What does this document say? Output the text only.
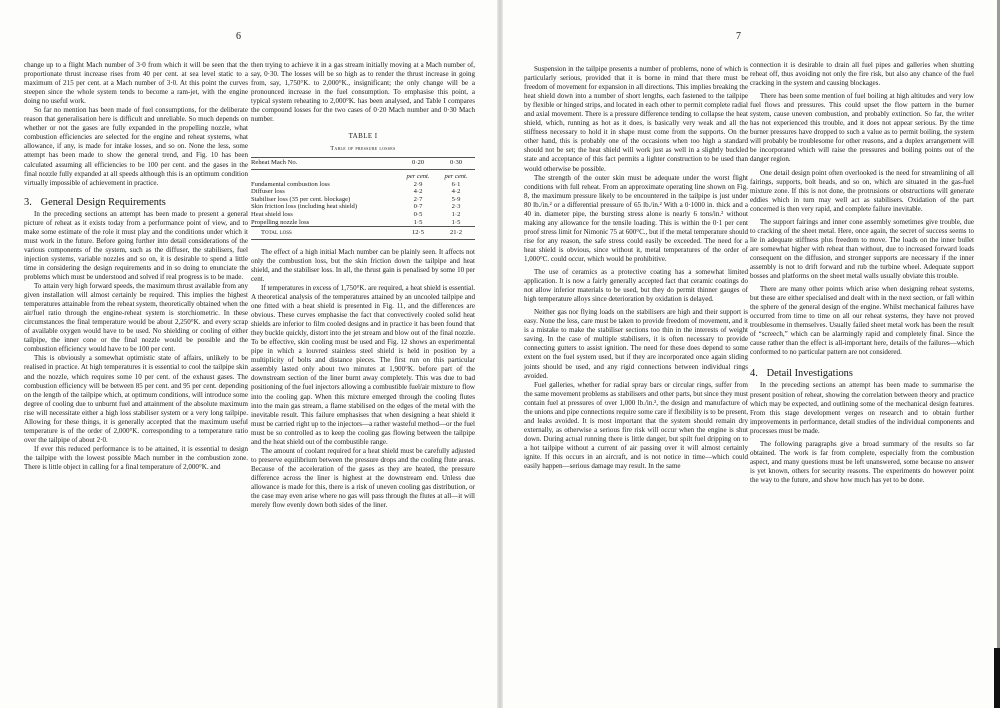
6

change up to a flight Mach number of 3·0 from which it will be seen that the proportionate thrust increase rises from 40 per cent. at sea level static to a maximum of 215 per cent. at a Mach number of 3·0. At this point the curves steepen since the whole system tends to become a ram-jet, with the engine doing no useful work.

So far no mention has been made of fuel consumptions, for the deliberate reason that generalisation here is difficult and unreliable. So much depends on whether or not the gases are fully expanded in the propelling nozzle, what combustion efficiencies are selected for the engine and reheat systems, what allowance, if any, is made for intake losses, and so on. None the less, some attempt has been made to show the general trend, and Fig. 10 has been calculated assuming all efficiencies to be 100 per cent. and the gases in the final nozzle fully expanded at all speeds although this is an optimum condition virtually impossible of achievement in practice.

3. General Design Requirements

In the preceding sections an attempt has been made to present a general picture of reheat as it exists today from a performance point of view, and to make some estimate of the role it must play and the conditions under which it must work in the future. Before going further into detail considerations of the various components of the system, such as the diffuser, the stabilisers, fuel injection systems, variable nozzles and so on, it is desirable to spend a little time in considering the design requirements and in so doing to enunciate the problems which must be understood and solved if real progress is to be made.

To attain very high forward speeds, the maximum thrust available from any given installation will almost certainly be required. This implies the highest temperatures attainable from the reheat system, theoretically obtained when the air/fuel ratio through the engine-reheat system is storchiometric. In these circumstances the final temperature would be about 2,250°K. and every scrap of available oxygen would have to be used. No shielding or cooling of either tailpipe, the inner cone or the final nozzle would be possible and the combustion efficiency would have to be 100 per cent.

This is obviously a somewhat optimistic state of affairs, unlikely to be realised in practice. At high temperatures it is essential to cool the tailpipe skin and the nozzle, which requires some 10 per cent. of the exhaust gases. The combustion efficiency will be between 85 per cent. and 95 per cent. depending on the length of the tailpipe which, at optimum conditions, will introduce some degree of cooling due to unburnt fuel and attainment of the absolute maximum rise will necessitate either a high loss stabiliser system or a very long tailpipe. Allowing for these things, it is generally accepted that the maximum useful temperature is of the order of 2,000°K. corresponding to a temperature ratio over the tailpipe of about 2·0.

If ever this reduced performance is to be attained, it is essential to design the tailpipe with the lowest possible Mach number in the combustion zone. There is little object in calling for a final temperature of 2,000°K. and

then trying to achieve it in a gas stream initially moving at a Mach number of, say, 0·30. The losses will be so high as to render the thrust increase in going from, say, 1,750°K. to 2,000°K., insignificant; the only change will be a pronounced increase in the fuel consumption. To emphasise this point, a typical system reheating to 2,000°K. has been analysed, and Table I compares the compound losses for the two cases of 0·20 Mach number and 0·30 Mach number.

TABLE I
Table of pressure losses
Reheat Mach No.	0·20	0·30
	per cent.	per cent.
Fundamental combustion loss	2·9	6·1
Diffuser loss	4·2	4·2
Stabiliser loss (35 per cent. blockage)	2·7	5·9
Skin friction loss (including heat shield)	0·7	2·3
Heat shield loss	0·5	1·2
Propelling nozzle loss	1·5	1·5
Total loss	12·5	21·2

The effect of a high initial Mach number can be plainly seen. It affects not only the combustion loss, but the skin friction down the tailpipe and heat shield, and the stabiliser loss. In all, the thrust gain is penalised by some 10 per cent.

If temperatures in excess of 1,750°K. are required, a heat shield is essential. A theoretical analysis of the temperatures attained by an uncooled tailpipe and one fitted with a heat shield is presented in Fig. 11, and the differences are obvious. These curves emphasise the fact that convectively cooled solid heat shields are inferior to film cooled designs and in practice it has been found that they buckle quickly, distort into the jet stream and blow out of the final nozzle. To be effective, skin cooling must be used and Fig. 12 shows an experimental pipe in which a louvred stainless steel shield is held in position by a multiplicity of bolts and distance pieces. The first run on this particular assembly lasted only about two minutes at 1,900°K. before part of the downstream section of the liner burnt away completely. This was due to bad positioning of the fuel injectors allowing a combustible fuel/air mixture to flow into the cooling gap. When this mixture emerged through the cooling flutes into the main gas stream, a flame stabilised on the edges of the metal with the inevitable result. This failure emphasises that when designing a heat shield it must be carried right up to the injectors—a rather wasteful method—or the fuel must be so controlled as to keep the cooling gas flowing between the tailpipe and the heat shield out of the combustible range.

The amount of coolant required for a heat shield must be carefully adjusted to preserve equilibrium between the pressure drops and the cooling flute areas. Because of the acceleration of the gases as they are heated, the pressure difference across the liner is highest at the downstream end. Unless due allowance is made for this, there is a risk of uneven cooling gas distribution, or the case may even arise where no gas will pass through the flutes at all—it will merely flow evenly down both sides of the liner.

7

Suspension in the tailpipe presents a number of problems, none of which is particularly serious, provided that it is borne in mind that there must be freedom of movement for expansion in all directions. This implies breaking the heat shield down into a number of short lengths, each fastened to the tailpipe by flexible or hinged strips, and located in each other to permit complete radial and axial movement. There is a pressure difference tending to collapse the heat shield, which, running as hot as it does, is basically very weak and all the stiffness necessary to hold it in shape must come from the supports. On the other hand, this is probably one of the occasions when too high a standard should not be set; the heat shield will work just as well in a slightly buckled state and acceptance of this fact permits a lighter construction to be used than would otherwise be possible.

The strength of the outer skin must be adequate under the worst flight conditions with full reheat. From an approximate operating line shown on Fig. 8, the maximum pressure likely to be encountered in the tailpipe is just under 80 lb./in.² or a differential pressure of 65 lb./in.² With a 0·1000 in. thick and a 40 in. diameter pipe, the bursting stress alone is nearly 6 tons/in.² without making any allowance for the tensile loading. This is within the 0·1 per cent proof stress limit for Nimonic 75 at 600°C., but if the metal temperature should rise for any reason, the safe stress could easily be exceeded. The need for a heat shield is obvious, since without it, metal temperatures of the order of 1,000°C. could occur, which would be prohibitive.

The use of ceramics as a protective coating has a somewhat limited application. It is now a fairly generally accepted fact that ceramic coatings do not allow inferior materials to be used, but they do permit thinner gauges of high temperature alloys since deterioration by oxidation is delayed.

Neither gas nor flying loads on the stabilisers are high and their support is easy. None the less, care must be taken to provide freedom of movement, and it is a mistake to make the stabiliser sections too thin in the interests of weight saving. In the case of multiple stabilisers, it is often necessary to provide connecting gutters to assist ignition. The need for these does depend to some extent on the fuel system used, but if they are incorporated once again sliding joints should be used, and any rigid connections between individual rings avoided.

Fuel galleries, whether for radial spray bars or circular rings, suffer from the same movement problems as stabilisers and other parts, but since they must contain fuel at pressures of over 1,000 lb./in.², the design and manufacture of the unions and pipe connections require some care if flexibility is to be present, and leaks avoided. It is most important that the system should remain dry externally, as otherwise a serious fire risk will occur when the engine is shut down. During actual running there is little danger, but spilt fuel dripping on to a hot tailpipe without a current of air passing over it will almost certainly ignite. If this occurs in an aircraft, and is not notice in time—which could easily happen—serious damage may result. In the same

connection it is desirable to drain all fuel pipes and galleries when shutting reheat off, thus avoiding not only the fire risk, but also any chance of the fuel cracking in the system and causing blockages.

There has been some mention of fuel boiling at high altitudes and very low fuel flows and pressures. This could upset the flow pattern in the burner system, cause uneven combustion, and probably extinction. So far, the writer has not experienced this trouble, and it does not appear serious. By the time burner pressures have dropped to such a value as to permit boiling, the system will probably be troublesome for other reasons, and a duplex arrangement will be incorporated which will raise the pressures and boiling points out of the danger region.

One detail design point often overlooked is the need for streamlining of all fairings, supports, bolt heads, and so on, which are situated in the gas-fuel mixture zone. If this is not done, the protrusions or obstructions will generate eddies which in turn may well act as stabilisers. Oxidation of the part concerned is then very rapid, and complete failure inevitable.

The support fairings and inner cone assembly sometimes give trouble, due to cracking of the sheet metal. Here, once again, the secret of success seems to lie in adequate stiffness plus freedom to move. The loads on the inner bullet are somewhat higher with reheat than without, due to increased forward loads consequent on the diffusion, and stronger supports are necessary if the inner assembly is not to drift forward and rub the turbine wheel. Adequate support bosses and platforms on the sheet metal walls usually obviate this trouble.

There are many other points which arise when designing reheat systems, but these are either specialised and dealt with in the next section, or fall within the sphere of the general design of the engine. Whilst mechanical failures have occurred from time to time on all our reheat systems, they have not proved troublesome in themselves. Usually failed sheet metal work has been the result of “screech,” which can be alarmingly rapid and completely final. Since the cause rather than the effect is all-important here, details of the failures—which conformed to no particular pattern are not considered.

4. Detail Investigations

In the preceding sections an attempt has been made to summarise the present position of reheat, showing the correlation between theory and practice which may be expected, and outlining some of the mechanical design features. From this stage development verges on research and to obtain further improvements in performance, detail studies of the individual components and processes must be made.

The following paragraphs give a broad summary of the results so far obtained. The work is far from complete, especially from the combustion aspect, and many questions must be left unanswered, some because no answer is yet known, others for security reasons. The experiments do however point the way to the future, and show how much has yet to be done.
